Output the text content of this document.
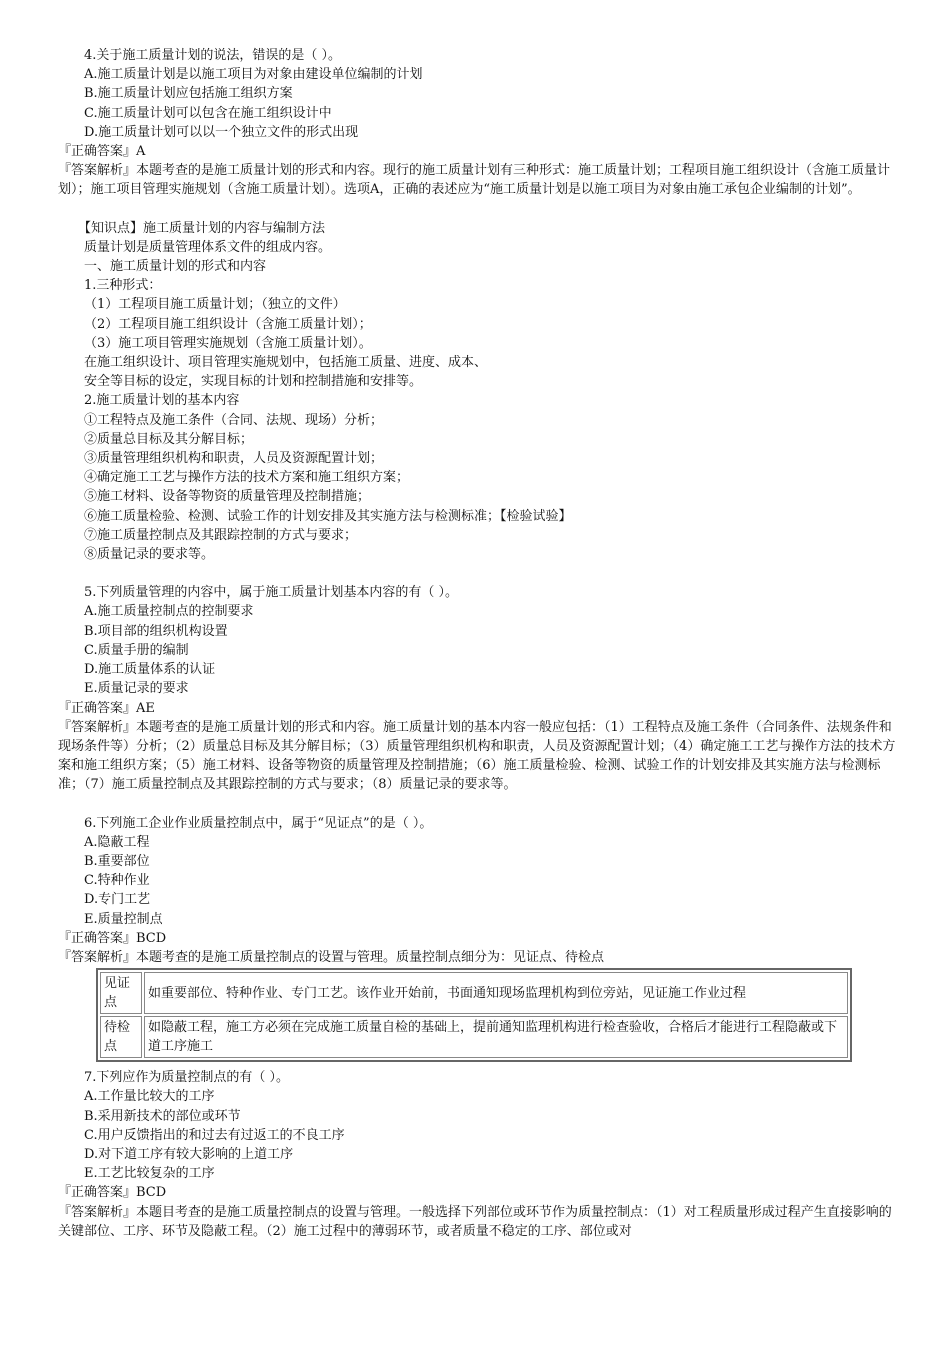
4.关于施工质量计划的说法，错误的是（ ）。
A.施工质量计划是以施工项目为对象由建设单位编制的计划
B.施工质量计划应包括施工组织方案
C.施工质量计划可以包含在施工组织设计中
D.施工质量计划可以以一个独立文件的形式出现
『正确答案』A
『答案解析』本题考查的是施工质量计划的形式和内容。现行的施工质量计划有三种形式：施工质量计划；工程项目施工组织设计（含施工质量计划）；施工项目管理实施规划（含施工质量计划）。选项A，正确的表述应为“施工质量计划是以施工项目为对象由施工承包企业编制的计划”。
【知识点】施工质量计划的内容与编制方法
质量计划是质量管理体系文件的组成内容。
一、施工质量计划的形式和内容
1.三种形式：
（1）工程项目施工质量计划；（独立的文件）
（2）工程项目施工组织设计（含施工质量计划）；
（3）施工项目管理实施规划（含施工质量计划）。
在施工组织设计、项目管理实施规划中，包括施工质量、进度、成本、
安全等目标的设定，实现目标的计划和控制措施和安排等。
2.施工质量计划的基本内容
①工程特点及施工条件（合同、法规、现场）分析；
②质量总目标及其分解目标；
③质量管理组织机构和职责，人员及资源配置计划；
④确定施工工艺与操作方法的技术方案和施工组织方案；
⑤施工材料、设备等物资的质量管理及控制措施；
⑥施工质量检验、检测、试验工作的计划安排及其实施方法与检测标准；【检验试验】
⑦施工质量控制点及其跟踪控制的方式与要求；
⑧质量记录的要求等。
5.下列质量管理的内容中，属于施工质量计划基本内容的有（ ）。
A.施工质量控制点的控制要求
B.项目部的组织机构设置
C.质量手册的编制
D.施工质量体系的认证
E.质量记录的要求
『正确答案』AE
『答案解析』本题考查的是施工质量计划的形式和内容。施工质量计划的基本内容一般应包括：（1）工程特点及施工条件（合同条件、法规条件和现场条件等）分析；（2）质量总目标及其分解目标；（3）质量管理组织机构和职责，人员及资源配置计划；（4）确定施工工艺与操作方法的技术方案和施工组织方案；（5）施工材料、设备等物资的质量管理及控制措施；（6）施工质量检验、检测、试验工作的计划安排及其实施方法与检测标准；（7）施工质量控制点及其跟踪控制的方式与要求；（8）质量记录的要求等。
6.下列施工企业作业质量控制点中，属于“见证点”的是（ ）。
A.隐蔽工程
B.重要部位
C.特种作业
D.专门工艺
E.质量控制点
『正确答案』BCD
『答案解析』本题考查的是施工质量控制点的设置与管理。质量控制点细分为：见证点、待检点
见证点	如重要部位、特种作业、专门工艺。该作业开始前，书面通知现场监理机构到位旁站，见证施工作业过程
待检点	如隐蔽工程，施工方必须在完成施工质量自检的基础上，提前通知监理机构进行检查验收，合格后才能进行工程隐蔽或下道工序施工
7.下列应作为质量控制点的有（ ）。
A.工作量比较大的工序
B.采用新技术的部位或环节
C.用户反馈指出的和过去有过返工的不良工序
D.对下道工序有较大影响的上道工序
E.工艺比较复杂的工序
『正确答案』BCD
『答案解析』本题目考查的是施工质量控制点的设置与管理。一般选择下列部位或环节作为质量控制点：（1）对工程质量形成过程产生直接影响的关键部位、工序、环节及隐蔽工程。（2）施工过程中的薄弱环节，或者质量不稳定的工序、部位或对
